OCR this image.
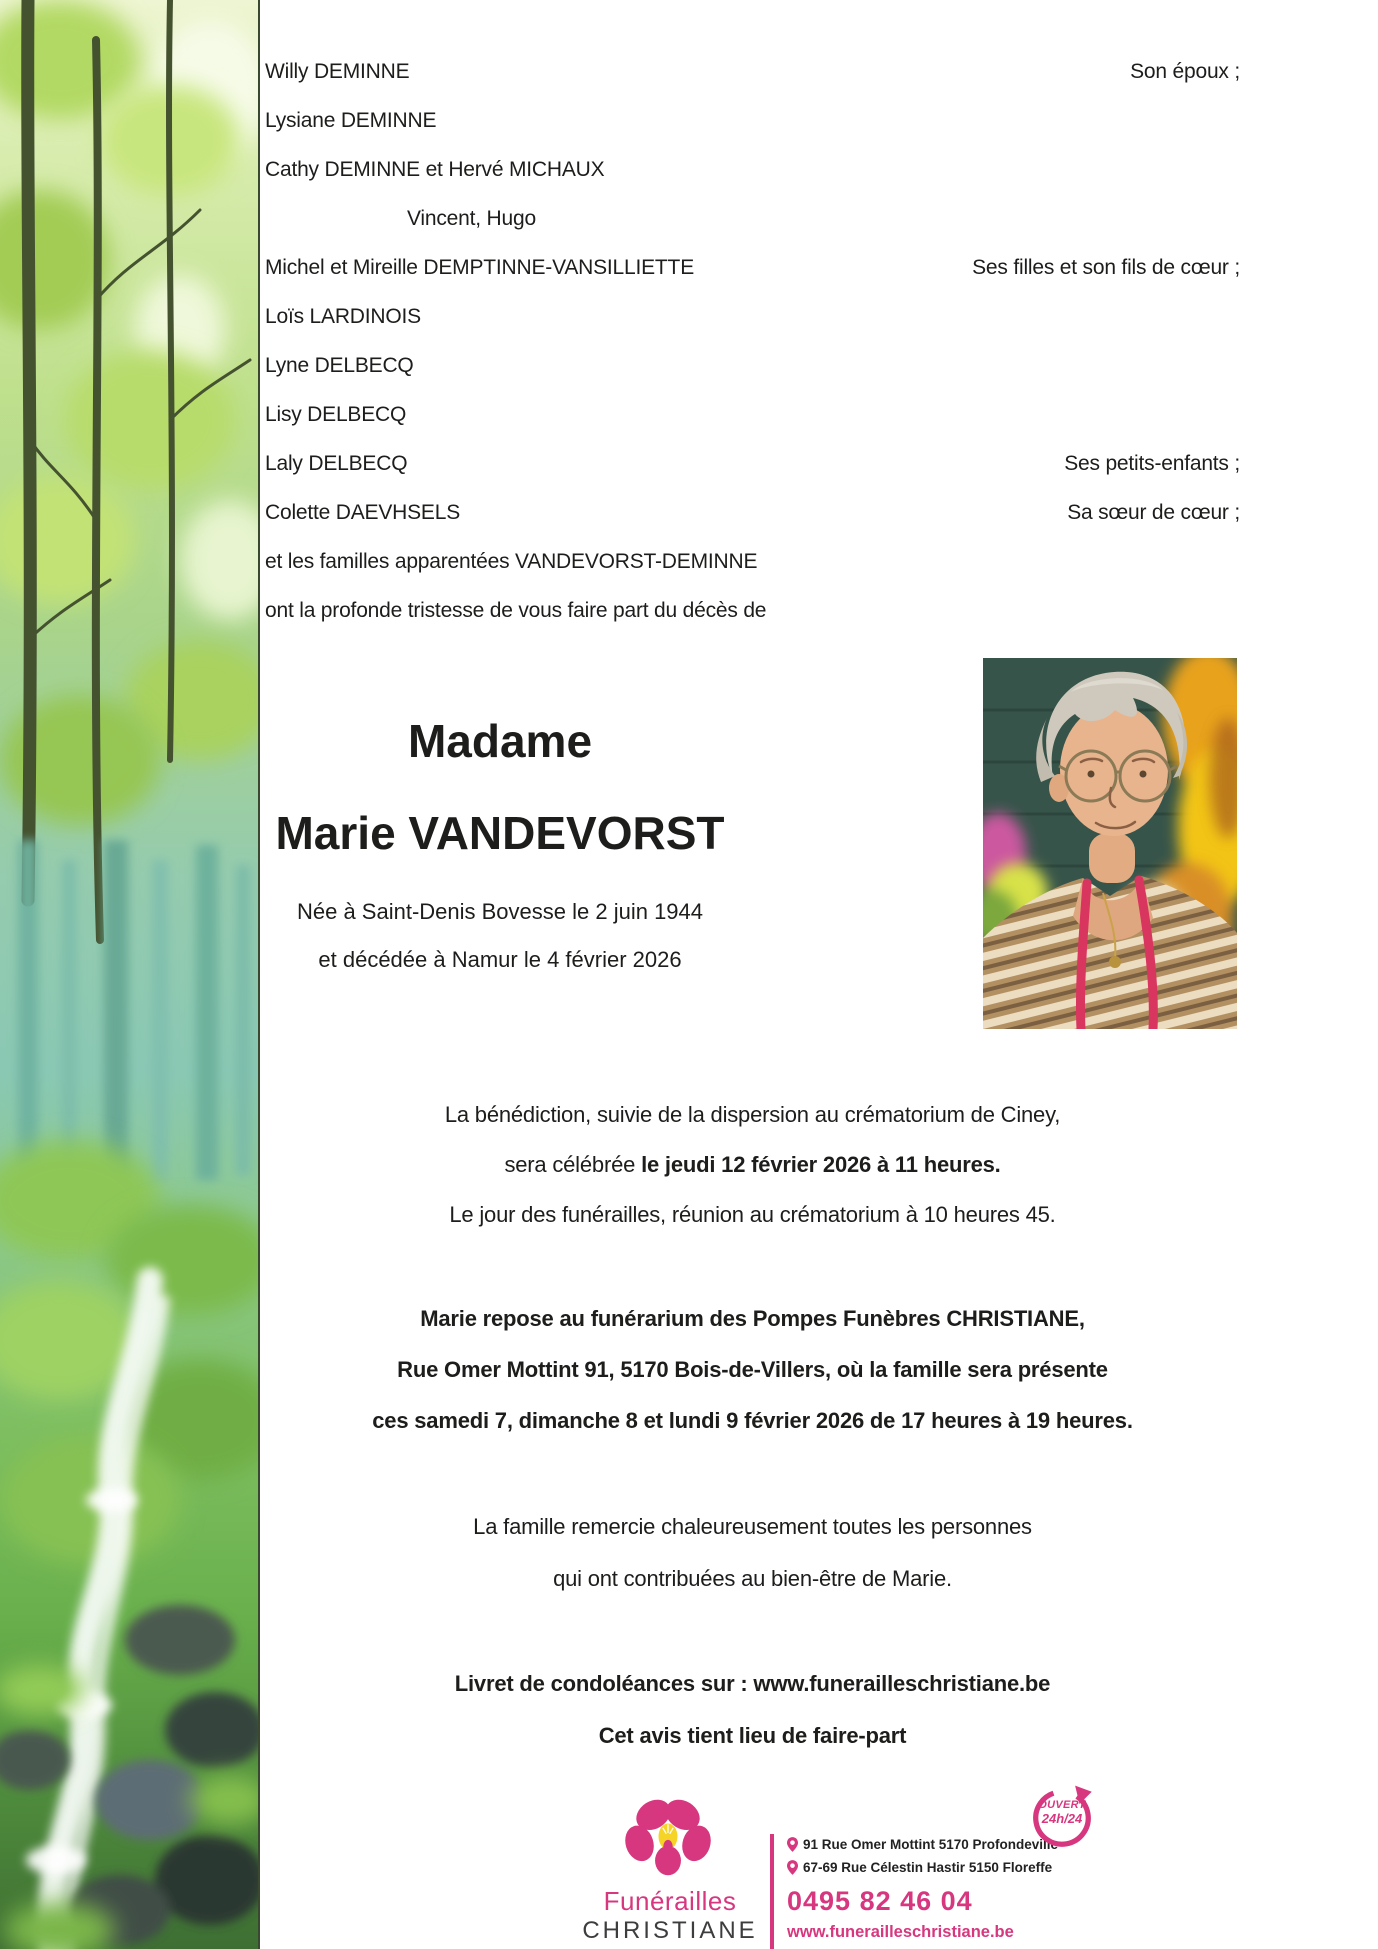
Willy DEMINNE	Son époux ;
Lysiane DEMINNE
Cathy DEMINNE et Hervé MICHAUX
Vincent, Hugo
Michel et Mireille DEMPTINNE-VANSILLIETTE	Ses filles et son fils de cœur ;
Loïs LARDINOIS
Lyne DELBECQ
Lisy DELBECQ
Laly DELBECQ	Ses petits-enfants ;
Colette DAEVHSELS	Sa sœur de cœur ;
et les familles apparentées VANDEVORST-DEMINNE
ont la profonde tristesse de vous faire part du décès de
Madame
Marie VANDEVORST
Née à Saint-Denis Bovesse le 2 juin 1944
et décédée à Namur le 4 février 2026
La bénédiction, suivie de la dispersion au crématorium de Ciney,
sera célébrée le jeudi 12 février 2026 à 11 heures.
Le jour des funérailles, réunion au crématorium à 10 heures 45.
Marie repose au funérarium des Pompes Funèbres CHRISTIANE,
Rue Omer Mottint 91, 5170 Bois-de-Villers, où la famille sera présente
ces samedi 7, dimanche 8 et lundi 9 février 2026 de 17 heures à 19 heures.
La famille remercie chaleureusement toutes les personnes
qui ont contribuées au bien-être de Marie.
Livret de condoléances sur : www.funerailleschristiane.be
Cet avis tient lieu de faire-part
Funérailles
CHRISTIANE
91 Rue Omer Mottint 5170 Profondeville
67-69 Rue Célestin Hastir 5150 Floreffe
0495 82 46 04
www.funerailleschristiane.be
OUVERT
24h/24
